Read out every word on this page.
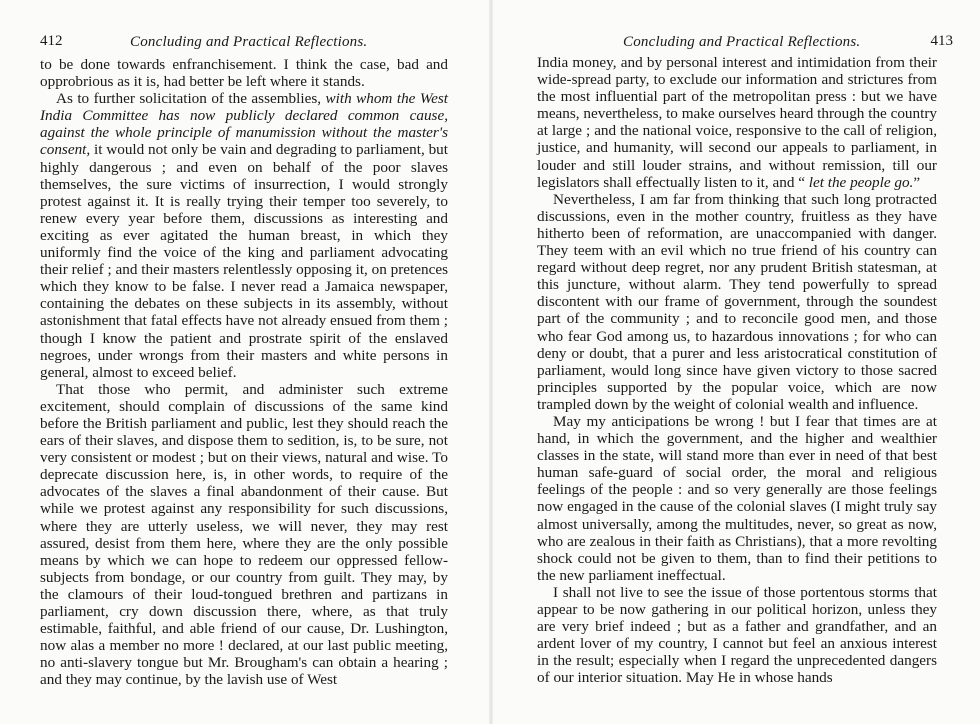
412	Concluding and Practical Reflections.

to be done towards enfranchisement. I think the case, bad and opprobrious as it is, had better be left where it stands.

As to further solicitation of the assemblies, with whom the West India Committee has now publicly declared common cause, against the whole principle of manumission without the master's consent, it would not only be vain and degrading to parliament, but highly dangerous ; and even on behalf of the poor slaves themselves, the sure victims of insurrection, I would strongly protest against it. It is really trying their temper too severely, to renew every year before them, discussions as interesting and exciting as ever agitated the human breast, in which they uniformly find the voice of the king and parliament advocating their relief ; and their masters relentlessly opposing it, on pretences which they know to be false. I never read a Jamaica newspaper, containing the debates on these subjects in its assembly, without astonishment that fatal effects have not already ensued from them ; though I know the patient and prostrate spirit of the enslaved negroes, under wrongs from their masters and white persons in general, almost to exceed belief.

That those who permit, and administer such extreme excitement, should complain of discussions of the same kind before the British parliament and public, lest they should reach the ears of their slaves, and dispose them to sedition, is, to be sure, not very consistent or modest ; but on their views, natural and wise. To deprecate discussion here, is, in other words, to require of the advocates of the slaves a final abandonment of their cause. But while we protest against any responsibility for such discussions, where they are utterly useless, we will never, they may rest assured, desist from them here, where they are the only possible means by which we can hope to redeem our oppressed fellow-subjects from bondage, or our country from guilt. They may, by the clamours of their loud-tongued brethren and partizans in parliament, cry down discussion there, where, as that truly estimable, faithful, and able friend of our cause, Dr. Lushington, now alas a member no more ! declared, at our last public meeting, no anti-slavery tongue but Mr. Brougham's can obtain a hearing ; and they may continue, by the lavish use of West

Concluding and Practical Reflections.	413

India money, and by personal interest and intimidation from their wide-spread party, to exclude our information and strictures from the most influential part of the metropolitan press : but we have means, nevertheless, to make ourselves heard through the country at large ; and the national voice, responsive to the call of religion, justice, and humanity, will second our appeals to parliament, in louder and still louder strains, and without remission, till our legislators shall effectually listen to it, and “ let the people go.”

Nevertheless, I am far from thinking that such long protracted discussions, even in the mother country, fruitless as they have hitherto been of reformation, are unaccompanied with danger. They teem with an evil which no true friend of his country can regard without deep regret, nor any prudent British statesman, at this juncture, without alarm. They tend powerfully to spread discontent with our frame of government, through the soundest part of the community ; and to reconcile good men, and those who fear God among us, to hazardous innovations ; for who can deny or doubt, that a purer and less aristocratical constitution of parliament, would long since have given victory to those sacred principles supported by the popular voice, which are now trampled down by the weight of colonial wealth and influence.

May my anticipations be wrong ! but I fear that times are at hand, in which the government, and the higher and wealthier classes in the state, will stand more than ever in need of that best human safe-guard of social order, the moral and religious feelings of the people : and so very generally are those feelings now engaged in the cause of the colonial slaves (I might truly say almost universally, among the multitudes, never, so great as now, who are zealous in their faith as Christians), that a more revolting shock could not be given to them, than to find their petitions to the new parliament ineffectual.

I shall not live to see the issue of those portentous storms that appear to be now gathering in our political horizon, unless they are very brief indeed ; but as a father and grandfather, and an ardent lover of my country, I cannot but feel an anxious interest in the result; especially when I regard the unprecedented dangers of our interior situation. May He in whose hands
